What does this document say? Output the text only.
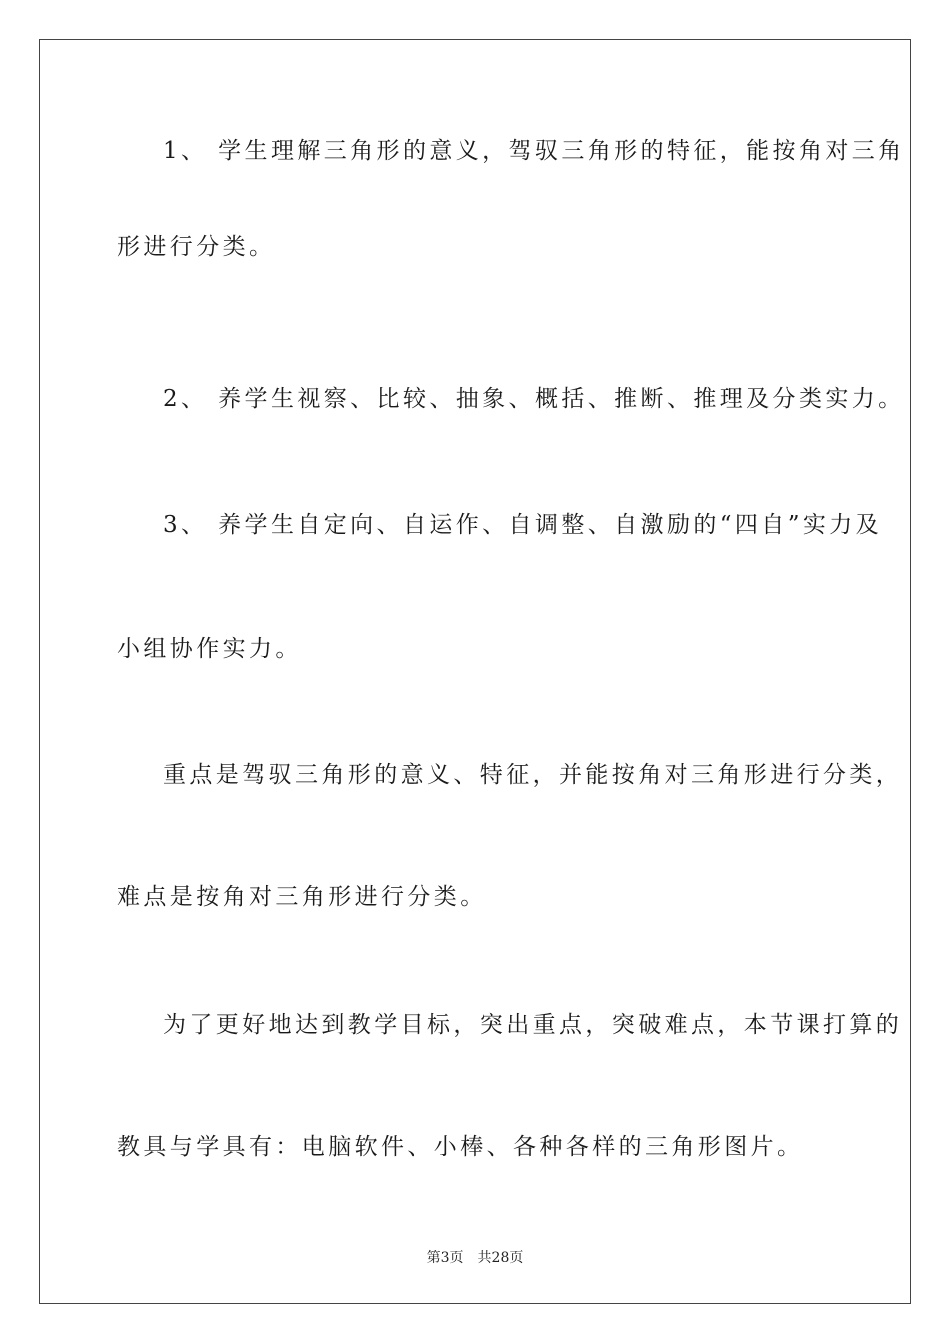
1、 学生理解三角形的意义，驾驭三角形的特征，能按角对三角
形进行分类。
2、 养学生视察、比较、抽象、概括、推断、推理及分类实力。
3、 养学生自定向、自运作、自调整、自激励的“四自”实力及
小组协作实力。
重点是驾驭三角形的意义、特征，并能按角对三角形进行分类，
难点是按角对三角形进行分类。
为了更好地达到教学目标，突出重点，突破难点，本节课打算的
教具与学具有：电脑软件、小棒、各种各样的三角形图片。
第3页　共28页
